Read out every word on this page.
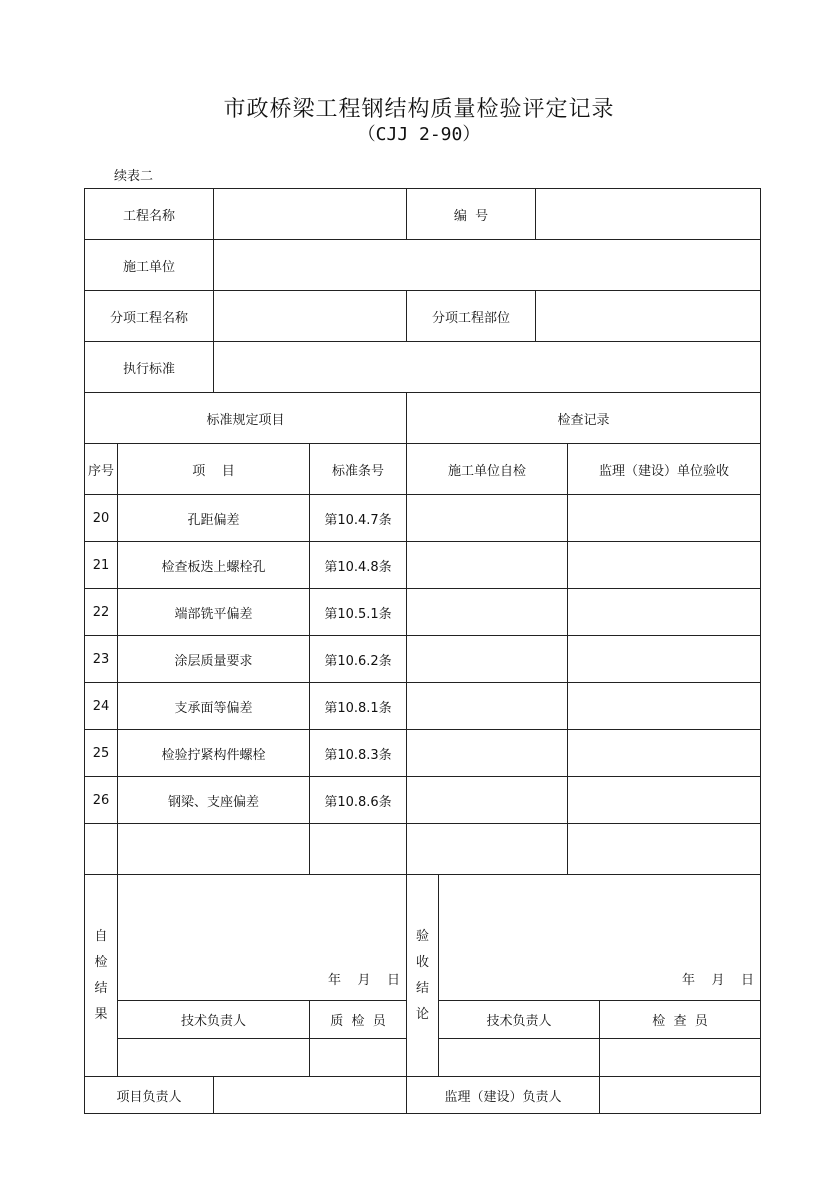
市政桥梁工程钢结构质量检验评定记录
（CJJ 2-90）
续表二
工程名称				编  号				
施工单位								
分项工程名称				分项工程部位				
执行标准								
标准规定项目				检查记录				
序号	项    目		标准条号	施工单位自检			监理（建设）单位验收	
20	孔距偏差		第10.4.7条					
21	检查板迭上螺栓孔		第10.4.8条					
22	端部铣平偏差		第10.5.1条					
23	涂层质量要求		第10.6.2条					
24	支承面等偏差		第10.8.1条					
25	检验拧紧构件螺栓		第10.8.3条					
26	钢梁、支座偏差		第10.8.6条					

自
检
结
果	年    月    日			验
收
结
论	年    月    日			

	技术负责人		质  检  员		技术负责人			检  查  员

项目负责人				监理（建设）负责人				
